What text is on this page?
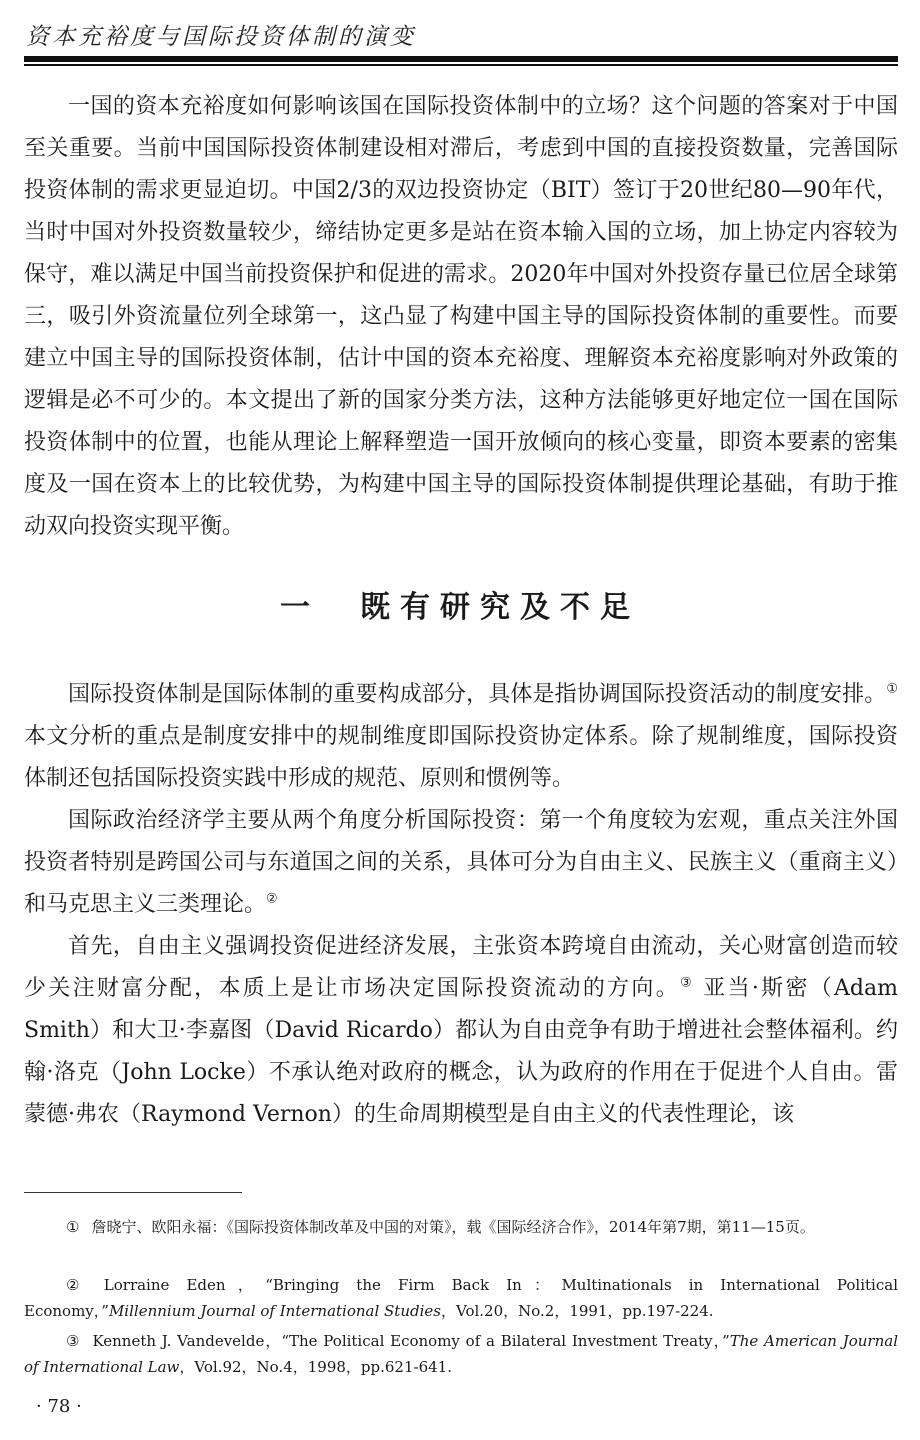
资本充裕度与国际投资体制的演变

一国的资本充裕度如何影响该国在国际投资体制中的立场？这个问题的答案对于中国至关重要。当前中国国际投资体制建设相对滞后，考虑到中国的直接投资数量，完善国际投资体制的需求更显迫切。中国2/3的双边投资协定（BIT）签订于20世纪80—90年代，当时中国对外投资数量较少，缔结协定更多是站在资本输入国的立场，加上协定内容较为保守，难以满足中国当前投资保护和促进的需求。2020年中国对外投资存量已位居全球第三，吸引外资流量位列全球第一，这凸显了构建中国主导的国际投资体制的重要性。而要建立中国主导的国际投资体制，估计中国的资本充裕度、理解资本充裕度影响对外政策的逻辑是必不可少的。本文提出了新的国家分类方法，这种方法能够更好地定位一国在国际投资体制中的位置，也能从理论上解释塑造一国开放倾向的核心变量，即资本要素的密集度及一国在资本上的比较优势，为构建中国主导的国际投资体制提供理论基础，有助于推动双向投资实现平衡。

一　既有研究及不足

国际投资体制是国际体制的重要构成部分，具体是指协调国际投资活动的制度安排。① 本文分析的重点是制度安排中的规制维度即国际投资协定体系。除了规制维度，国际投资体制还包括国际投资实践中形成的规范、原则和惯例等。

国际政治经济学主要从两个角度分析国际投资：第一个角度较为宏观，重点关注外国投资者特别是跨国公司与东道国之间的关系，具体可分为自由主义、民族主义（重商主义）和马克思主义三类理论。②

首先，自由主义强调投资促进经济发展，主张资本跨境自由流动，关心财富创造而较少关注财富分配，本质上是让市场决定国际投资流动的方向。③ 亚当·斯密（Adam Smith）和大卫·李嘉图（David Ricardo）都认为自由竞争有助于增进社会整体福利。约翰·洛克（John Locke）不承认绝对政府的概念，认为政府的作用在于促进个人自由。雷蒙德·弗农（Raymond Vernon）的生命周期模型是自由主义的代表性理论，该

① 詹晓宁、欧阳永福：《国际投资体制改革及中国的对策》，载《国际经济合作》，2014年第7期，第11—15页。

② Lorraine Eden，“Bringing the Firm Back In：Multinationals in International Political Economy，”Millennium Journal of International Studies，Vol.20，No.2，1991，pp.197-224.

③ Kenneth J. Vandevelde，“The Political Economy of a Bilateral Investment Treaty，”The American Journal of International Law，Vol.92，No.4，1998，pp.621-641.

· 78 ·
